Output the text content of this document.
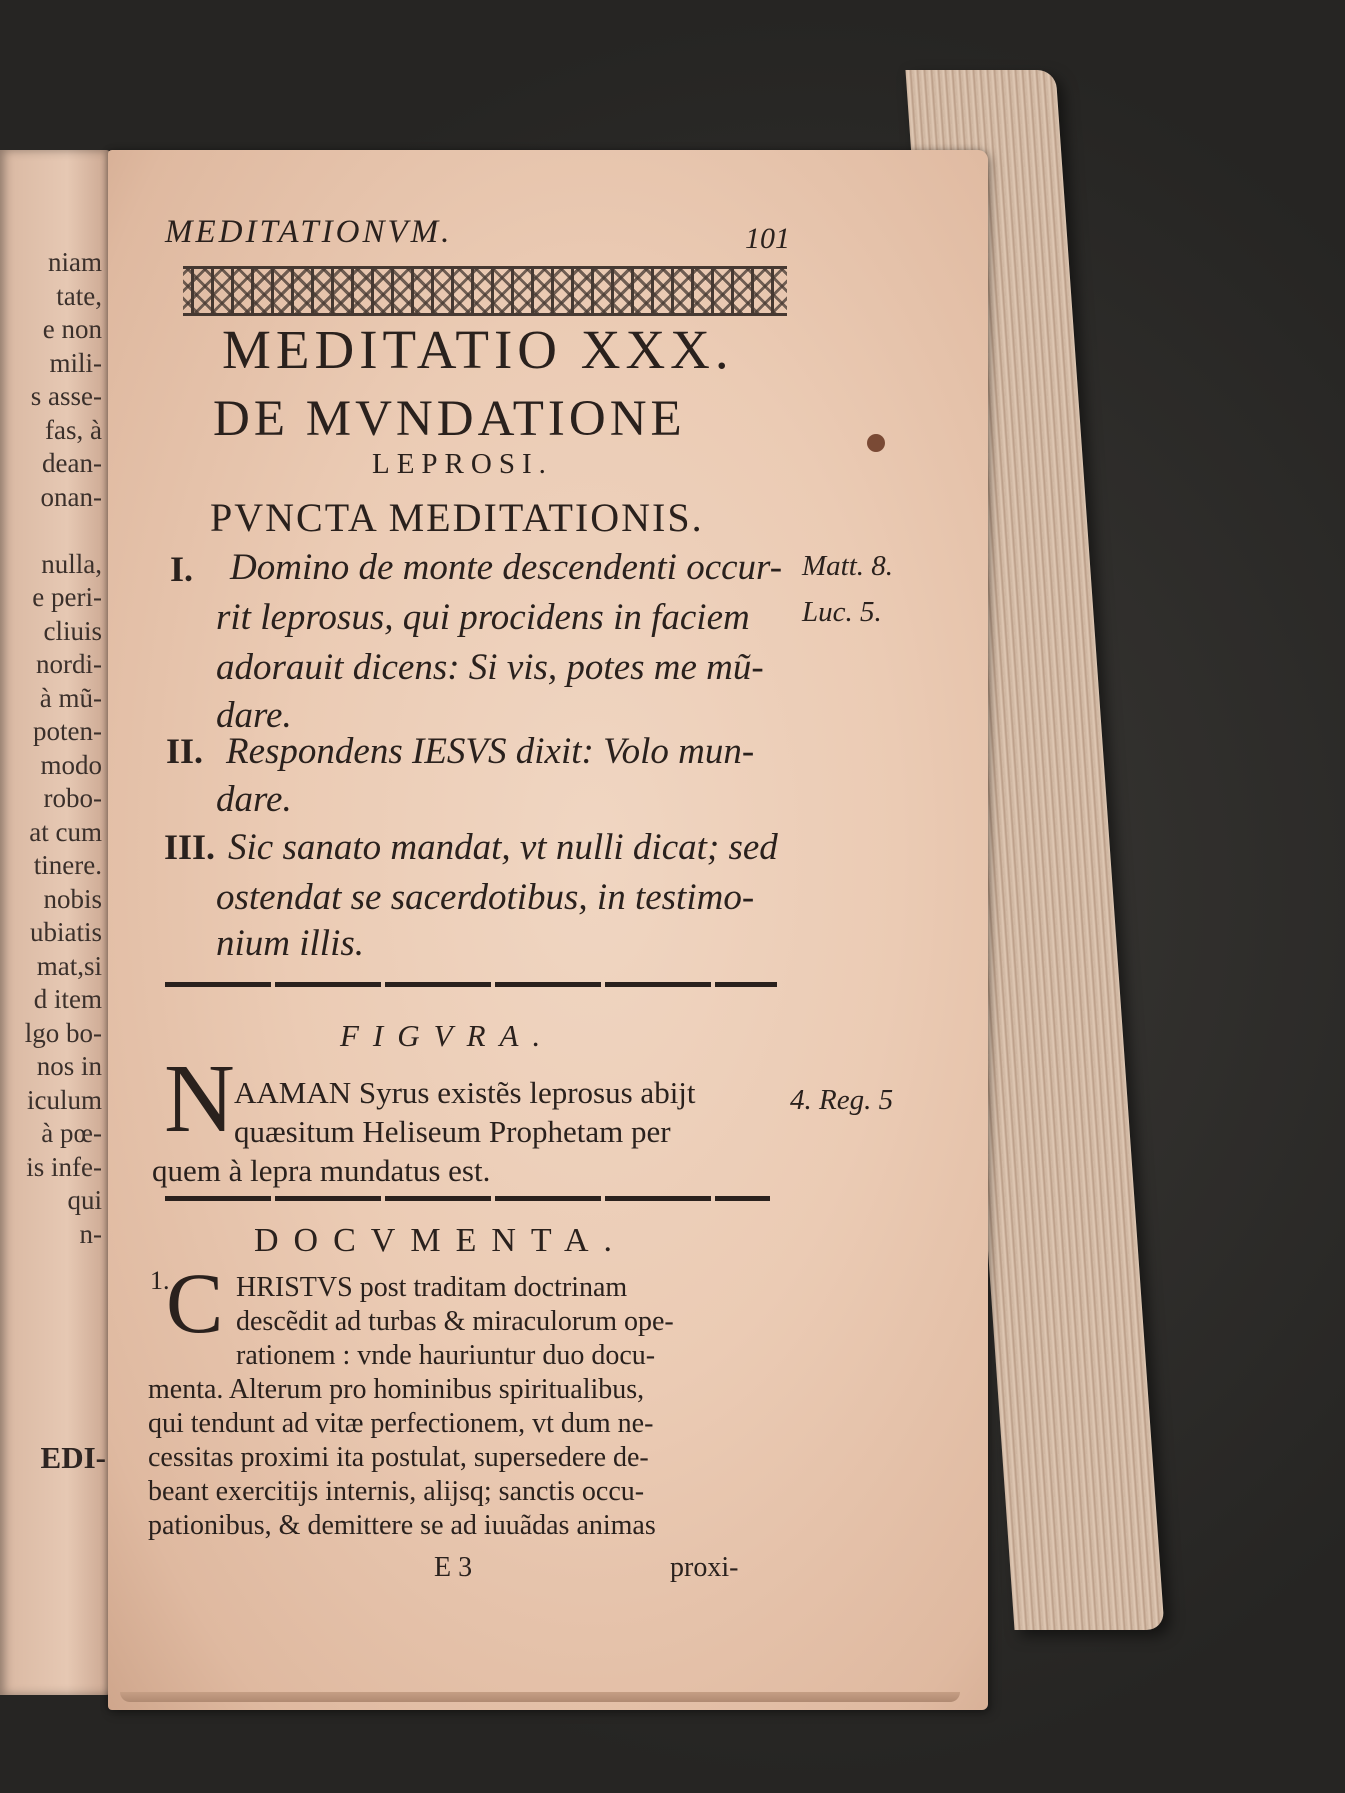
niam
tate,
e non
mili-
s asse-
fas, à
dean-
onan-

nulla,
e peri-
cliuis
nordi-
à mũ-
poten-
modo
robo-
at cum
tinere.
nobis
ubiatis
mat,si
d item
lgo bo-
nos in
iculum
à pœ-
is infe-
qui
n-
EDI-
MEDITATIONVM.	101
MEDITATIO XXX.
DE MVNDATIONE
LEPROSI.
PVNCTA MEDITATIONIS.
I. Domino de monte descendenti occur-
rit leprosus, qui procidens in faciem
adorauit dicens: Si vis, potes me mũ-
dare.
II. Respondens IESVS dixit: Volo mun-
dare.
III. Sic sanato mandat, vt nulli dicat; sed
ostendat se sacerdotibus, in testimo-
nium illis.
Matt. 8.
Luc. 5.
4. Reg. 5
FIGVRA.
N AAMAN Syrus existẽs leprosus abijt
quæsitum Heliseum Prophetam per
quem à lepra mundatus est.
DOCVMENTA.
1.
C HRISTVS post traditam doctrinam
descẽdit ad turbas & miraculorum ope-
rationem : vnde hauriuntur duo docu-
menta. Alterum pro hominibus spiritualibus,
qui tendunt ad vitæ perfectionem, vt dum ne-
cessitas proximi ita postulat, supersedere de-
beant exercitijs internis, alijsq; sanctis occu-
pationibus, & demittere se ad iuuãdas animas
E 3	proxi-
